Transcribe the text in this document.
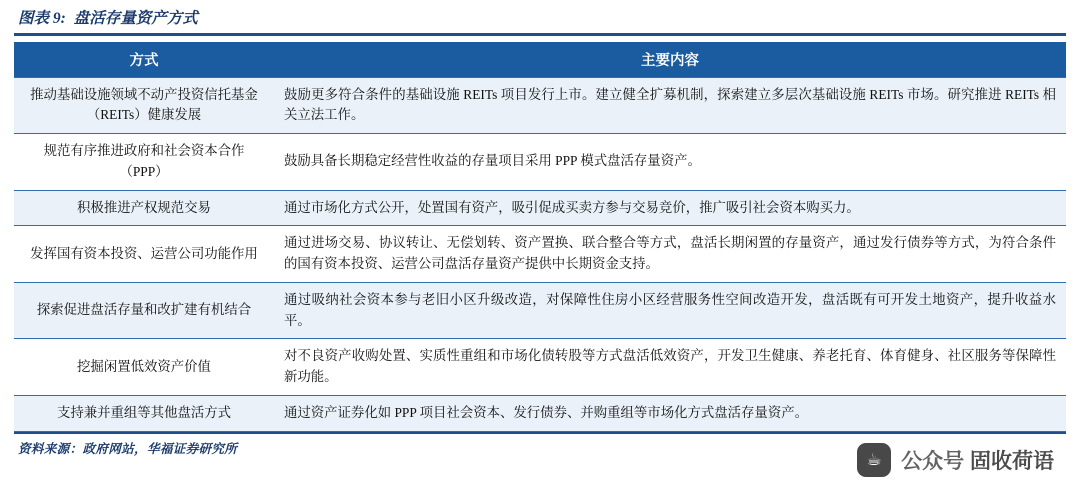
图表 9: 盘活存量资产方式
方式	主要内容
推动基础设施领域不动产投资信托基金（REITs）健康发展	鼓励更多符合条件的基础设施 REITs 项目发行上市。建立健全扩募机制，探索建立多层次基础设施 REITs 市场。研究推进 REITs 相关立法工作。
规范有序推进政府和社会资本合作（PPP）	鼓励具备长期稳定经营性收益的存量项目采用 PPP 模式盘活存量资产。
积极推进产权规范交易	通过市场化方式公开，处置国有资产，吸引促成买卖方参与交易竞价，推广吸引社会资本购买力。
发挥国有资本投资、运营公司功能作用	通过进场交易、协议转让、无偿划转、资产置换、联合整合等方式，盘活长期闲置的存量资产，通过发行债券等方式，为符合条件的国有资本投资、运营公司盘活存量资产提供中长期资金支持。
探索促进盘活存量和改扩建有机结合	通过吸纳社会资本参与老旧小区升级改造，对保障性住房小区经营服务性空间改造开发，盘活既有可开发土地资产，提升收益水平。
挖掘闲置低效资产价值	对不良资产收购处置、实质性重组和市场化债转股等方式盘活低效资产，开发卫生健康、养老托育、体育健身、社区服务等保障性新功能。
支持兼并重组等其他盘活方式	通过资产证券化如 PPP 项目社会资本、发行债券、并购重组等市场化方式盘活存量资产。
资料来源：政府网站，华福证券研究所
☕ 公众号 固收荷语
